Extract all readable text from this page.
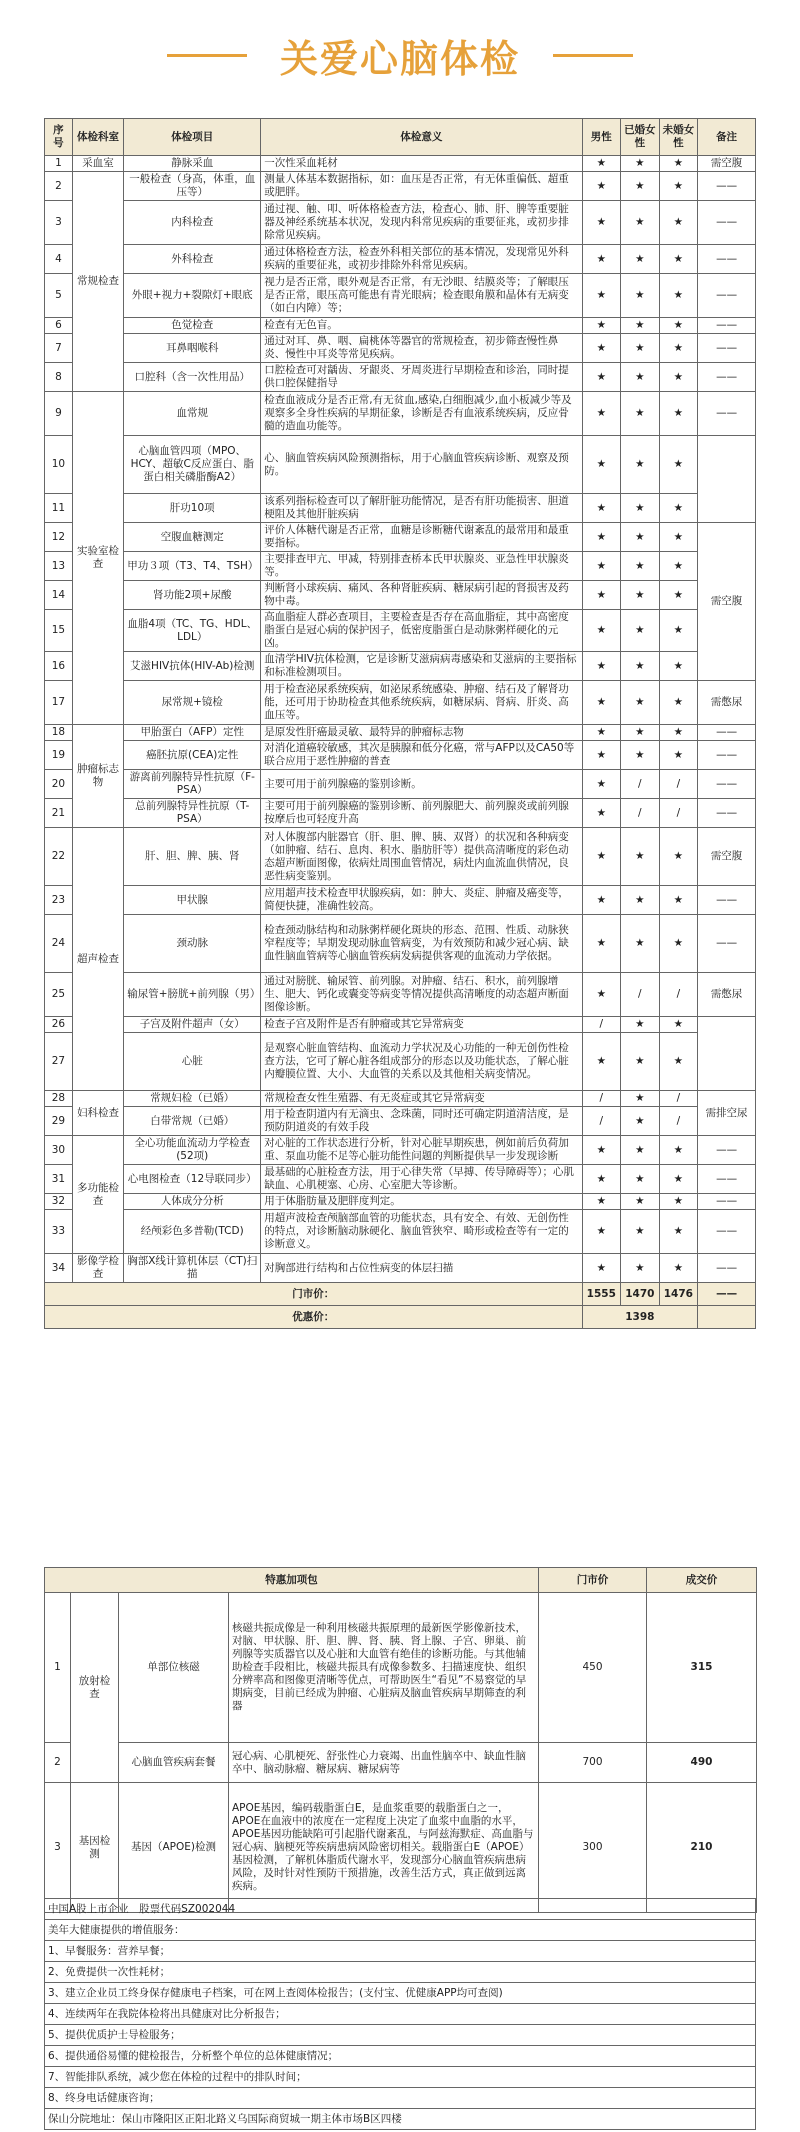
关爱心脑体检
序号	体检科室	体检项目	体检意义	男性	已婚女性	未婚女性	备注
1	采血室	静脉采血	一次性采血耗材	★	★	★	需空腹
2	常规检查	一般检查（身高，体重，血压等）	测量人体基本数据指标，如：血压是否正常，有无体重偏低、超重或肥胖。	★	★	★	——
3		内科检查	通过视、触、叩、听体格检查方法，检查心、肺、肝、脾等重要脏器及神经系统基本状况，发现内科常见疾病的重要征兆，或初步排除常见疾病。	★	★	★	——
4		外科检查	通过体格检查方法，检查外科相关部位的基本情况，发现常见外科疾病的重要征兆，或初步排除外科常见疾病。	★	★	★	——
5		外眼+视力+裂隙灯+眼底	视力是否正常，眼外观是否正常，有无沙眼、结膜炎等；了解眼压是否正常，眼压高可能患有青光眼病；检查眼角膜和晶体有无病变（如白内障）等；	★	★	★	——
6		色觉检查	检查有无色盲。	★	★	★	——
7		耳鼻咽喉科	通过对耳、鼻、咽、扁桃体等器官的常规检查，初步筛查慢性鼻炎、慢性中耳炎等常见疾病。	★	★	★	——
8		口腔科（含一次性用品）	口腔检查可对龋齿、牙龈炎、牙周炎进行早期检查和诊治，同时提供口腔保健指导	★	★	★	——
9	实验室检查	血常规	检查血液成分是否正常,有无贫血,感染,白细胞减少,血小板减少等及观察多全身性疾病的早期征象，诊断是否有血液系统疾病，反应骨髓的造血功能等。	★	★	★	——
10		心脑血管四项（MPO、HCY、超敏C反应蛋白、脂蛋白相关磷脂酶A2）	心、脑血管疾病风险预测指标，用于心脑血管疾病诊断、观察及预防。	★	★	★	
11		肝功10项	该系列指标检查可以了解肝脏功能情况，是否有肝功能损害、胆道梗阻及其他肝脏疾病	★	★	★	
12		空腹血糖测定	评价人体糖代谢是否正常，血糖是诊断糖代谢紊乱的最常用和最重要指标。	★	★	★	需空腹
13		甲功３项（T3、T4、TSH）	主要排查甲亢、甲减，特别排查桥本氏甲状腺炎、亚急性甲状腺炎等。	★	★	★	
14		肾功能2项+尿酸	判断肾小球疾病、痛风、各种肾脏疾病、糖尿病引起的肾损害及药物中毒。	★	★	★	
15		血脂4项（TC、TG、HDL、LDL）	高血脂症人群必查项目，主要检查是否存在高血脂症，其中高密度脂蛋白是冠心病的保护因子，低密度脂蛋白是动脉粥样硬化的元凶。	★	★	★	
16		艾滋HIV抗体(HIV-Ab)检测	血清学HIV抗体检测，它是诊断艾滋病病毒感染和艾滋病的主要指标和标准检测项目。	★	★	★	
17		尿常规+镜检	用于检查泌尿系统疾病，如泌尿系统感染、肿瘤、结石及了解肾功能，还可用于协助检查其他系统疾病，如糖尿病、肾病、肝炎、高血压等。	★	★	★	需憋尿
18	肿瘤标志物	甲胎蛋白（AFP）定性	是原发性肝癌最灵敏、最特异的肿瘤标志物	★	★	★	——
19		癌胚抗原(CEA)定性	对消化道癌较敏感，其次是胰腺和低分化癌，常与AFP以及CA50等联合应用于恶性肿瘤的普查	★	★	★	——
20		游离前列腺特异性抗原（F-PSA）	主要可用于前列腺癌的鉴别诊断。	★	/	/	——
21		总前列腺特异性抗原（T-PSA）	主要可用于前列腺癌的鉴别诊断、前列腺肥大、前列腺炎或前列腺按摩后也可轻度升高	★	/	/	——
22	超声检查	肝、胆、脾、胰、肾	对人体腹部内脏器官（肝、胆、脾、胰、双肾）的状况和各种病变（如肿瘤、结石、息肉、积水、脂肪肝等）提供高清晰度的彩色动态超声断面图像，依病灶周围血管情况，病灶内血流血供情况，良恶性病变鉴别。	★	★	★	需空腹
23		甲状腺	应用超声技术检查甲状腺疾病，如：肿大、炎症、肿瘤及癌变等，简便快捷，准确性较高。	★	★	★	——
24		颈动脉	检查颈动脉结构和动脉粥样硬化斑块的形态、范围、性质、动脉狭窄程度等；早期发现动脉血管病变，为有效预防和减少冠心病、缺血性脑血管病等心脑血管疾病发病提供客观的血流动力学依据。	★	★	★	——
25		输尿管+膀胱+前列腺（男）	通过对膀胱、输尿管、前列腺。对肿瘤、结石、积水，前列腺增生、肥大、钙化或囊变等病变等情况提供高清晰度的动态超声断面图像诊断。	★	/	/	需憋尿
26		子宫及附件超声（女）	检查子宫及附件是否有肿瘤或其它异常病变	/	★	★	
27		心脏	是观察心脏血管结构、血流动力学状况及心功能的一种无创伤性检查方法，它可了解心脏各组成部分的形态以及功能状态，了解心脏内瓣膜位置、大小、大血管的关系以及其他相关病变情况。	★	★	★	
28	妇科检查	常规妇检（已婚）	常规检查女性生殖器、有无炎症或其它异常病变	/	★	/	需排空尿
29		白带常规（已婚）	用于检查阴道内有无滴虫、念珠菌，同时还可确定阴道清洁度，是预防阴道炎的有效手段	/	★	/	
30	多功能检查	全心功能血流动力学检查(52项)	对心脏的工作状态进行分析，针对心脏早期疾患，例如前后负荷加重、泵血功能不足等心脏功能性问题的判断提供早一步发现诊断	★	★	★	——
31		心电图检查（12导联同步）	最基础的心脏检查方法，用于心律失常（早搏、传导障碍等）；心肌缺血、心肌梗塞、心房、心室肥大等诊断。	★	★	★	——
32		人体成分分析	用于体脂肪量及肥胖度判定。	★	★	★	——
33		经颅彩色多普勒(TCD)	用超声波检查颅脑部血管的功能状态，具有安全、有效、无创伤性的特点，对诊断脑动脉硬化、脑血管狭窄、畸形或检查等有一定的诊断意义。	★	★	★	——
34	影像学检查	胸部X线计算机体层（CT)扫描	对胸部进行结构和占位性病变的体层扫描	★	★	★	——
门市价：				1555	1470	1476	——
优惠价：				1398			
特惠加项包				门市价	成交价
1	放射检查	单部位核磁	核磁共振成像是一种利用核磁共振原理的最新医学影像新技术，对脑、甲状腺、肝、胆、脾、肾、胰、肾上腺、子宫、卵巢、前列腺等实质器官以及心脏和大血管有绝佳的诊断功能。与其他辅助检查手段相比，核磁共振具有成像参数多、扫描速度快、组织分辨率高和图像更清晰等优点，可帮助医生“看见”不易察觉的早期病变，目前已经成为肿瘤、心脏病及脑血管疾病早期筛查的利器	450	315
2		心脑血管疾病套餐	冠心病、心肌梗死、舒张性心力衰竭、出血性脑卒中、缺血性脑卒中、脑动脉瘤、糖尿病、糖尿病等	700	490
3	基因检测	基因（APOE)检测	APOE基因，编码载脂蛋白E，是血浆重要的载脂蛋白之一，APOE在血液中的浓度在一定程度上决定了血浆中血脂的水平，APOE基因功能缺陷可引起脂代谢紊乱，与阿兹海默症、高血脂与冠心病、脑梗死等疾病患病风险密切相关。载脂蛋白E（APOE）基因检测，了解机体脂质代谢水平，发现部分心脑血管疾病患病风险，及时针对性预防干预措施，改善生活方式，真正做到远离疾病。	300	210
中国A股上市企业　股票代码SZ002044
美年大健康提供的增值服务：
1、早餐服务：营养早餐；
2、免费提供一次性耗材；
3、建立企业员工终身保存健康电子档案，可在网上查阅体检报告；(支付宝、优健康APP均可查阅)
4、连续两年在我院体检将出具健康对比分析报告；
5、提供优质护士导检服务；
6、提供通俗易懂的健检报告，分析整个单位的总体健康情况；
7、智能排队系统，减少您在体检的过程中的排队时间；
8、终身电话健康咨询；
保山分院地址：保山市隆阳区正阳北路义乌国际商贸城一期主体市场B区四楼
